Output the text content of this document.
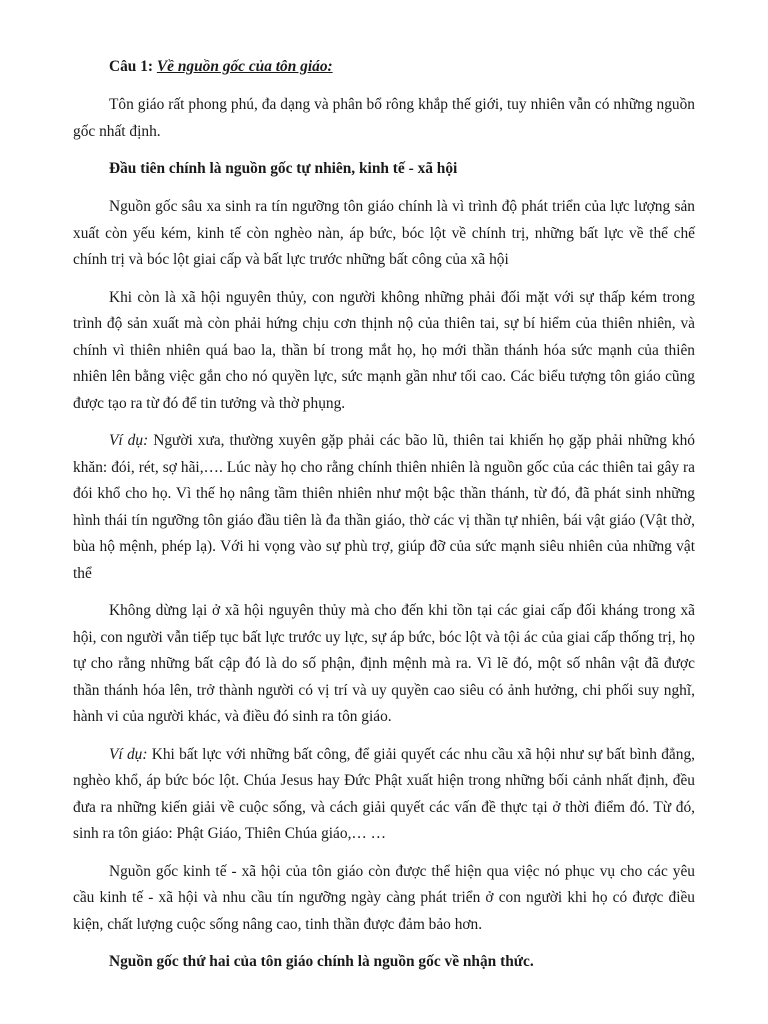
Câu 1: Về nguồn gốc của tôn giáo:

Tôn giáo rất phong phú, đa dạng và phân bổ rông khắp thế giới, tuy nhiên vẫn có những nguồn gốc nhất định.

Đầu tiên chính là nguồn gốc tự nhiên, kinh tế - xã hội

Nguồn gốc sâu xa sinh ra tín ngưỡng tôn giáo chính là vì trình độ phát triển của lực lượng sản xuất còn yếu kém, kinh tế còn nghèo nàn, áp bức, bóc lột về chính trị, những bất lực về thể chế chính trị và bóc lột giai cấp và bất lực trước những bất công của xã hội

Khi còn là xã hội nguyên thủy, con người không những phải đối mặt với sự thấp kém trong trình độ sản xuất mà còn phải hứng chịu cơn thịnh nộ của thiên tai, sự bí hiểm của thiên nhiên, và chính vì thiên nhiên quá bao la, thần bí trong mắt họ, họ mới thần thánh hóa sức mạnh của thiên nhiên lên bằng việc gắn cho nó quyền lực, sức mạnh gần như tối cao. Các biểu tượng tôn giáo cũng được tạo ra từ đó để tin tưởng và thờ phụng.

Ví dụ: Người xưa, thường xuyên gặp phải các bão lũ, thiên tai khiến họ gặp phải những khó khăn: đói, rét, sợ hãi,…. Lúc này họ cho rằng chính thiên nhiên là nguồn gốc của các thiên tai gây ra đói khổ cho họ. Vì thế họ nâng tầm thiên nhiên như một bậc thần thánh, từ đó, đã phát sinh những hình thái tín ngưỡng tôn giáo đầu tiên là đa thần giáo, thờ các vị thần tự nhiên, bái vật giáo (Vật thờ, bùa hộ mệnh, phép lạ). Với hi vọng vào sự phù trợ, giúp đỡ của sức mạnh siêu nhiên của những vật thể

Không dừng lại ở xã hội nguyên thủy mà cho đến khi tồn tại các giai cấp đối kháng trong xã hội, con người vẫn tiếp tục bất lực trước uy lực, sự áp bức, bóc lột và tội ác của giai cấp thống trị, họ tự cho rằng những bất cập đó là do số phận, định mệnh mà ra. Vì lẽ đó, một số nhân vật đã được thần thánh hóa lên, trở thành người có vị trí và uy quyền cao siêu có ảnh hưởng, chi phối suy nghĩ, hành vi của người khác, và điều đó sinh ra tôn giáo.

Ví dụ: Khi bất lực với những bất công, để giải quyết các nhu cầu xã hội như sự bất bình đẳng, nghèo khổ, áp bức bóc lột. Chúa Jesus hay Đức Phật xuất hiện trong những bối cảnh nhất định, đều đưa ra những kiến giải về cuộc sống, và cách giải quyết các vấn đề thực tại ở thời điểm đó. Từ đó, sinh ra tôn giáo: Phật Giáo, Thiên Chúa giáo,… …

Nguồn gốc kinh tế - xã hội của tôn giáo còn được thể hiện qua việc nó phục vụ cho các yêu cầu kinh tế - xã hội và nhu cầu tín ngưỡng ngày càng phát triển ở con người khi họ có được điều kiện, chất lượng cuộc sống nâng cao, tinh thần được đảm bảo hơn.

Nguồn gốc thứ hai của tôn giáo chính là nguồn gốc về nhận thức.
